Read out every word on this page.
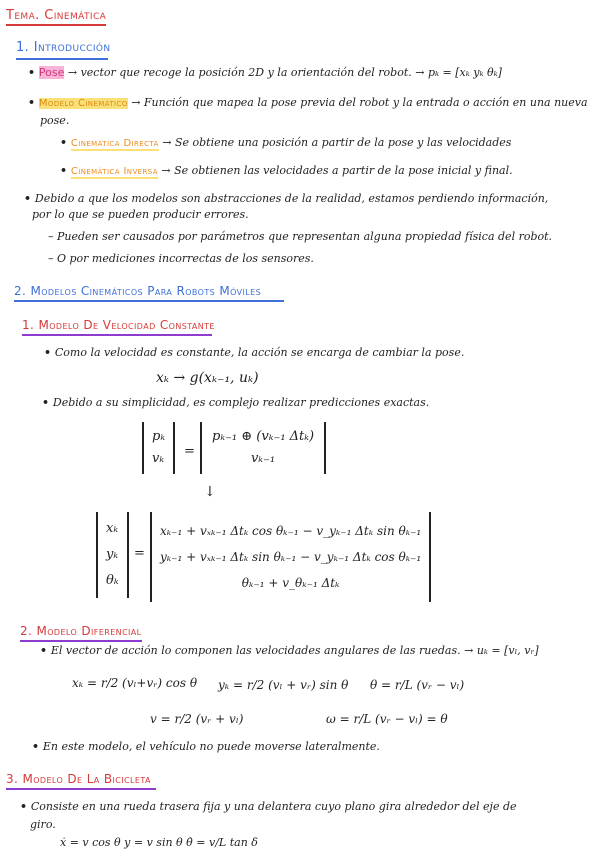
Tema. Cinemática
1. Introducción
• Pose → vector que recoge la posición 2D y la orientación del robot. → pₖ = [xₖ yₖ θₖ]
• Modelo Cinemático → Función que mapea la pose previa del robot y la entrada o acción en una nueva
pose.
• Cinemática Directa → Se obtiene una posición a partir de la pose y las velocidades
• Cinemática Inversa → Se obtienen las velocidades a partir de la pose inicial y final.
• Debido a que los modelos son abstracciones de la realidad, estamos perdiendo información,
por lo que se pueden producir errores.
– Pueden ser causados por parámetros que representan alguna propiedad física del robot.
– O por mediciones incorrectas de los sensores.
2. Modelos Cinemáticos Para Robots Móviles
1. Modelo De Velocidad Constante
• Como la velocidad es constante, la acción se encarga de cambiar la pose.
xₖ → g(xₖ₋₁, uₖ)
• Debido a su simplicidad, es complejo realizar predicciones exactas.
pₖ
vₖ =
pₖ₋₁ ⊕ (vₖ₋₁ Δtₖ)
vₖ₋₁
↓
xₖ
yₖ
θₖ
=
xₖ₋₁ + vₓₖ₋₁ Δtₖ cos θₖ₋₁ − v_yₖ₋₁ Δtₖ sin θₖ₋₁
yₖ₋₁ + vₓₖ₋₁ Δtₖ sin θₖ₋₁ − v_yₖ₋₁ Δtₖ cos θₖ₋₁
θₖ₋₁ + v_θₖ₋₁ Δtₖ
2. Modelo Diferencial
• El vector de acción lo componen las velocidades angulares de las ruedas. → uₖ = [vₗ, vᵣ]
xₖ = r/2 (vₗ+vᵣ) cos θ yₖ = r/2 (vₗ + vᵣ) sin θ θ = r/L (vᵣ − vₗ)
v = r/2 (vᵣ + vₗ)	ω = r/L (vᵣ − vₗ) = θ
• En este modelo, el vehículo no puede moverse lateralmente.
3. Modelo De La Bicicleta
• Consiste en una rueda trasera fija y una delantera cuyo plano gira alrededor del eje de
giro.
ẋ = v cos θ y = v sin θ θ̇ = v/L tan δ
